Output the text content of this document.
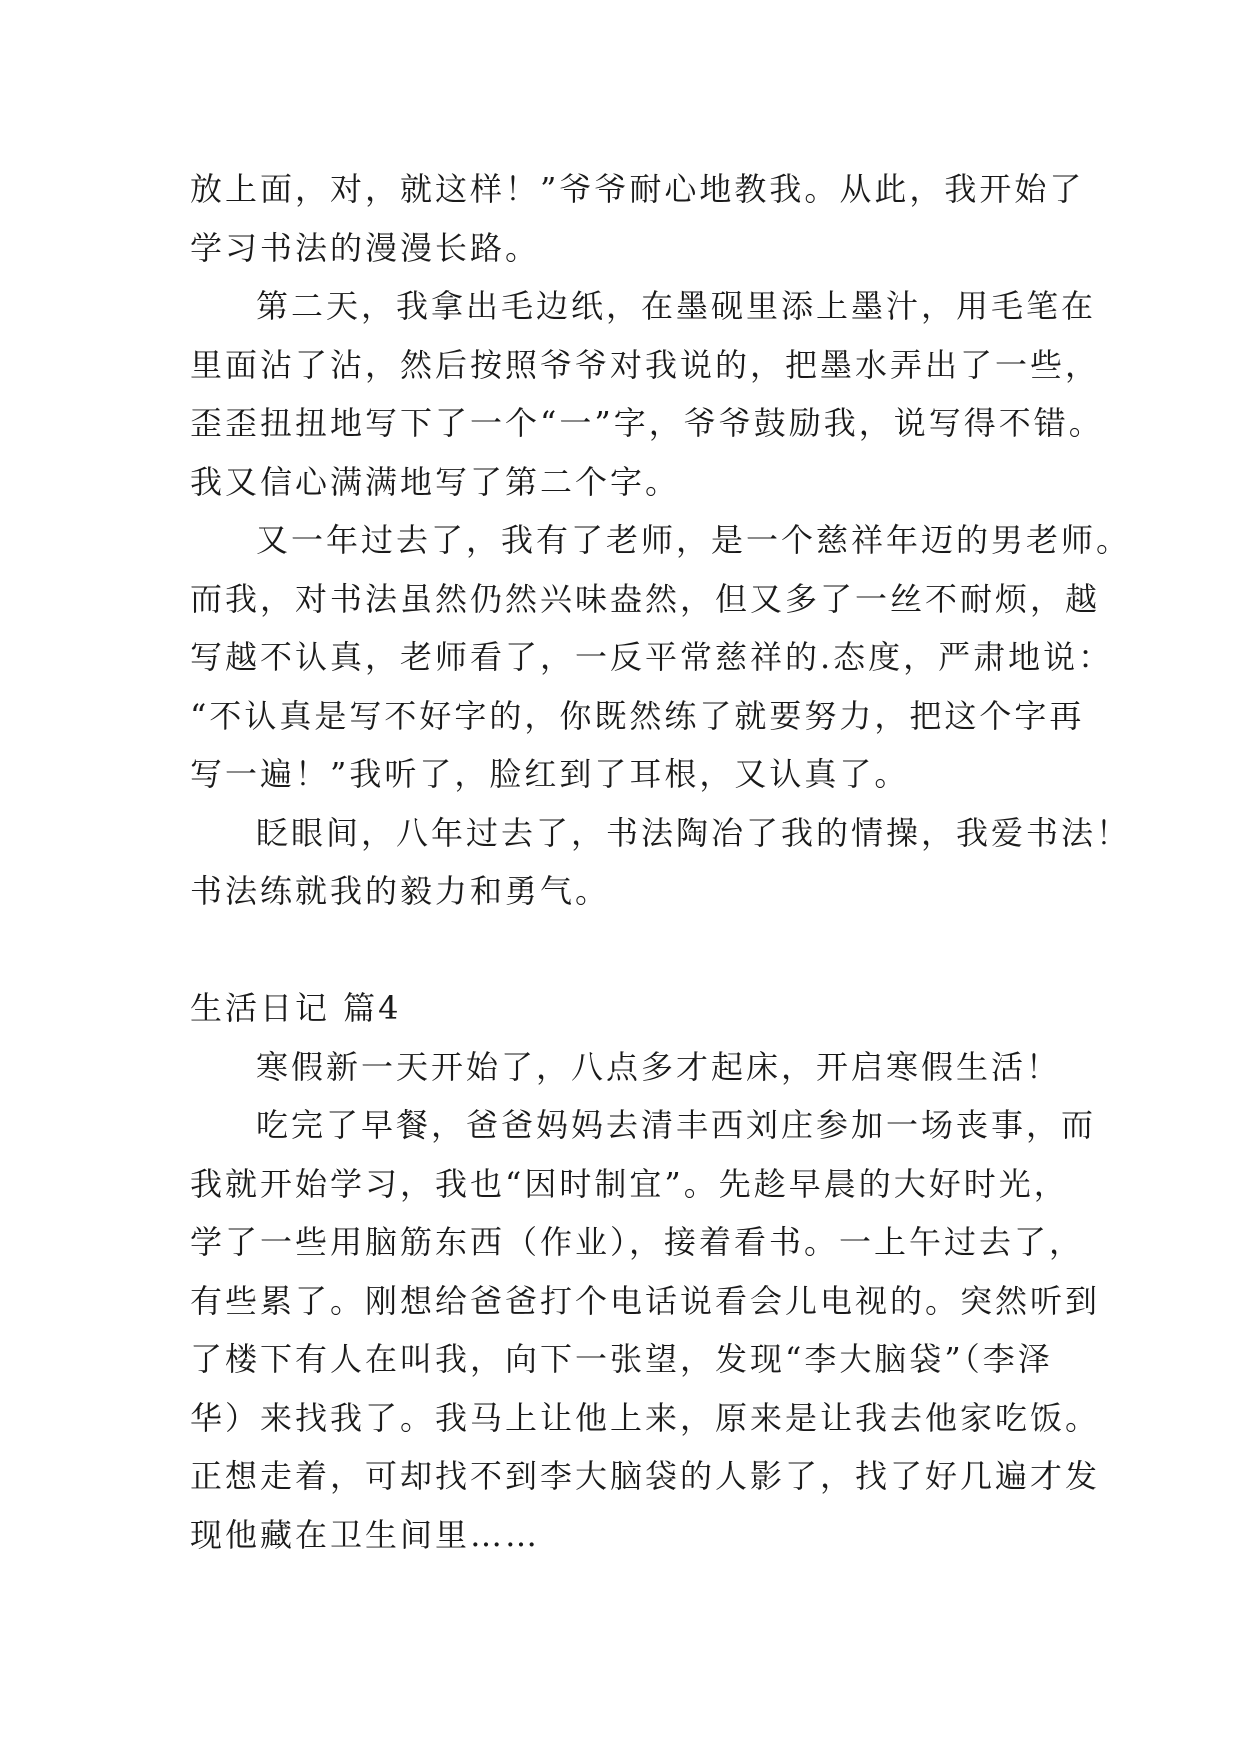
放上面，对，就这样！”爷爷耐心地教我。从此，我开始了
学习书法的漫漫长路。
第二天，我拿出毛边纸，在墨砚里添上墨汁，用毛笔在
里面沾了沾，然后按照爷爷对我说的，把墨水弄出了一些，
歪歪扭扭地写下了一个“一”字，爷爷鼓励我，说写得不错。
我又信心满满地写了第二个字。
又一年过去了，我有了老师，是一个慈祥年迈的男老师。
而我，对书法虽然仍然兴味盎然，但又多了一丝不耐烦，越
写越不认真，老师看了，一反平常慈祥的.态度，严肃地说：
“不认真是写不好字的，你既然练了就要努力，把这个字再
写一遍！”我听了，脸红到了耳根，又认真了。
眨眼间，八年过去了，书法陶冶了我的情操，我爱书法！
书法练就我的毅力和勇气。
生活日记 篇4
寒假新一天开始了，八点多才起床，开启寒假生活！
吃完了早餐，爸爸妈妈去清丰西刘庄参加一场丧事，而
我就开始学习，我也“因时制宜”。先趁早晨的大好时光，
学了一些用脑筋东西（作业），接着看书。一上午过去了，
有些累了。刚想给爸爸打个电话说看会儿电视的。突然听到
了楼下有人在叫我，向下一张望，发现“李大脑袋”（李泽
华）来找我了。我马上让他上来，原来是让我去他家吃饭。
正想走着，可却找不到李大脑袋的人影了，找了好几遍才发
现他藏在卫生间里……
